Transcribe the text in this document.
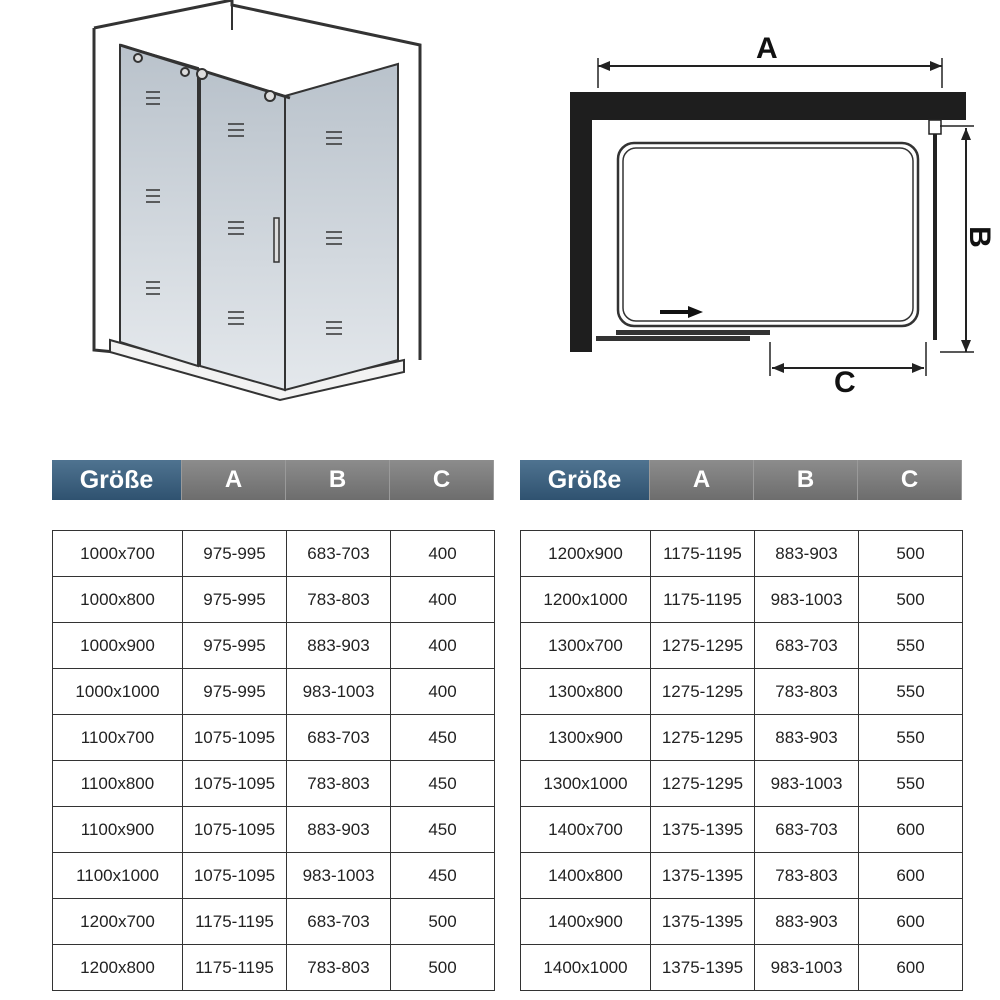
A
B
C
Größe	A	B	C
1000x700	975-995	683-703	400
1000x800	975-995	783-803	400
1000x900	975-995	883-903	400
1000x1000	975-995	983-1003	400
1100x700	1075-1095	683-703	450
1100x800	1075-1095	783-803	450
1100x900	1075-1095	883-903	450
1100x1000	1075-1095	983-1003	450
1200x700	1175-1195	683-703	500
1200x800	1175-1195	783-803	500
Größe	A	B	C
1200x900	1175-1195	883-903	500
1200x1000	1175-1195	983-1003	500
1300x700	1275-1295	683-703	550
1300x800	1275-1295	783-803	550
1300x900	1275-1295	883-903	550
1300x1000	1275-1295	983-1003	550
1400x700	1375-1395	683-703	600
1400x800	1375-1395	783-803	600
1400x900	1375-1395	883-903	600
1400x1000	1375-1395	983-1003	600
